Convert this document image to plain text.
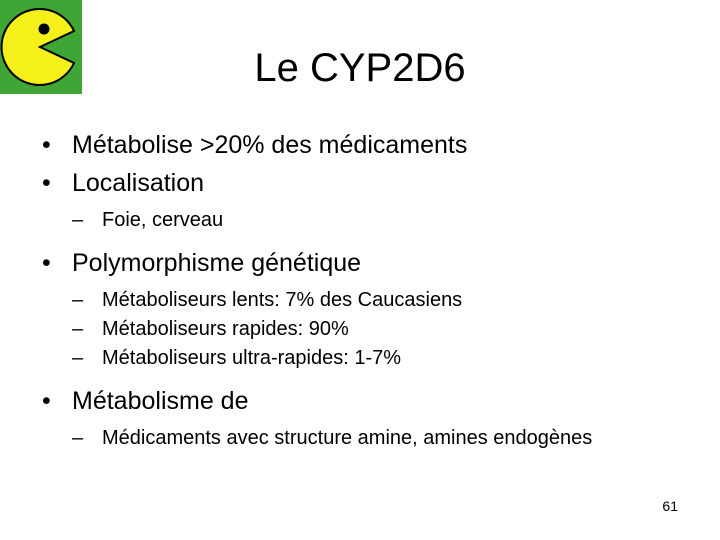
Le CYP2D6
• Métabolise >20% des médicaments
• Localisation
– Foie, cerveau
• Polymorphisme génétique
– Métaboliseurs lents: 7% des Caucasiens
– Métaboliseurs rapides: 90%
– Métaboliseurs ultra-rapides: 1-7%
• Métabolisme de
– Médicaments avec structure amine, amines endogènes
61
